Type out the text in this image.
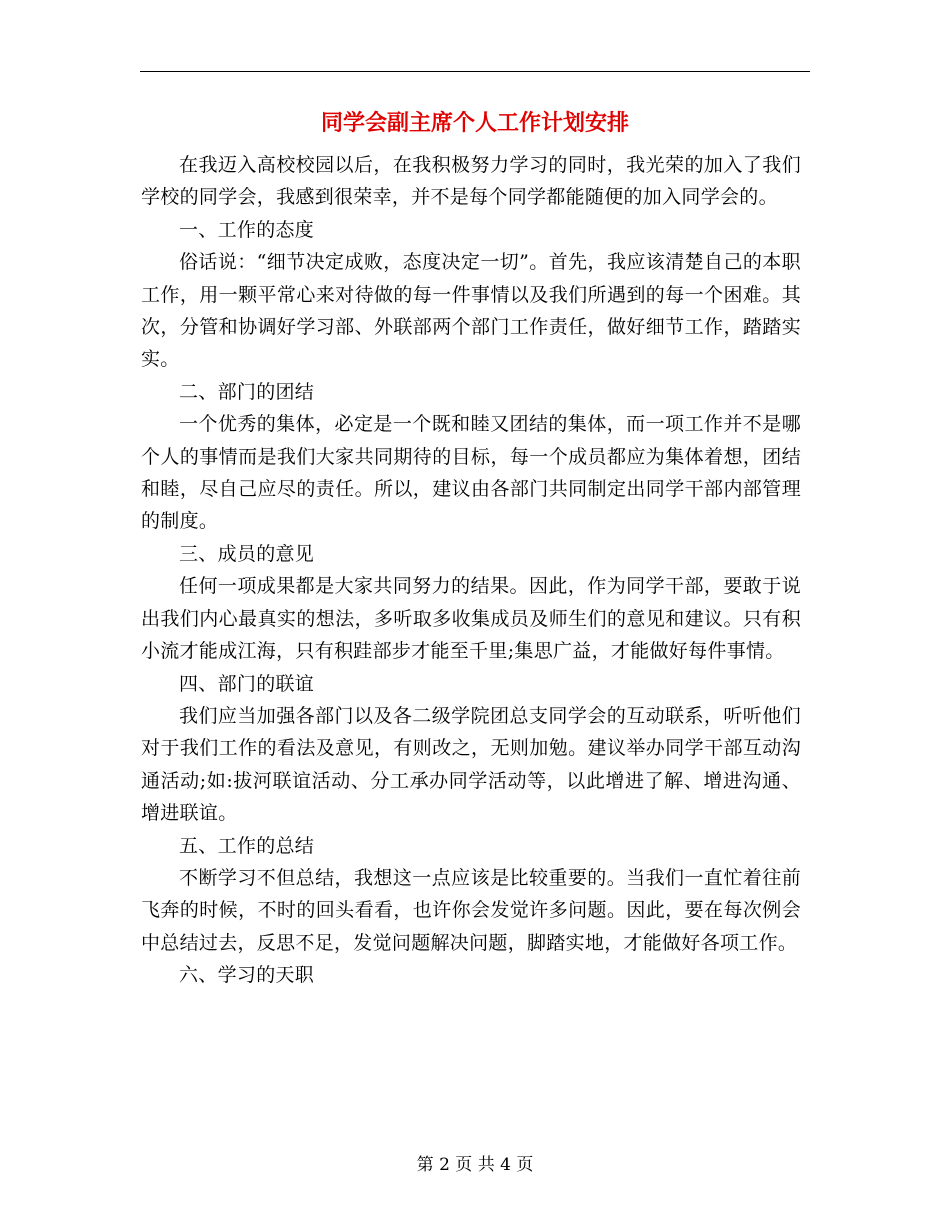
同学会副主席个人工作计划安排

在我迈入高校校园以后，在我积极努力学习的同时，我光荣的加入了我们学校的同学会，我感到很荣幸，并不是每个同学都能随便的加入同学会的。

一、工作的态度

俗话说：“细节决定成败，态度决定一切”。首先，我应该清楚自己的本职工作，用一颗平常心来对待做的每一件事情以及我们所遇到的每一个困难。其次，分管和协调好学习部、外联部两个部门工作责任，做好细节工作，踏踏实实。

二、部门的团结

一个优秀的集体，必定是一个既和睦又团结的集体，而一项工作并不是哪个人的事情而是我们大家共同期待的目标，每一个成员都应为集体着想，团结和睦，尽自己应尽的责任。所以，建议由各部门共同制定出同学干部内部管理的制度。

三、成员的意见

任何一项成果都是大家共同努力的结果。因此，作为同学干部，要敢于说出我们内心最真实的想法，多听取多收集成员及师生们的意见和建议。只有积小流才能成江海，只有积跬部步才能至千里;集思广益，才能做好每件事情。

四、部门的联谊

我们应当加强各部门以及各二级学院团总支同学会的互动联系，听听他们对于我们工作的看法及意见，有则改之，无则加勉。建议举办同学干部互动沟通活动;如:拔河联谊活动、分工承办同学活动等，以此增进了解、增进沟通、增进联谊。

五、工作的总结

不断学习不但总结，我想这一点应该是比较重要的。当我们一直忙着往前飞奔的时候，不时的回头看看，也许你会发觉许多问题。因此，要在每次例会中总结过去，反思不足，发觉问题解决问题，脚踏实地，才能做好各项工作。

六、学习的天职

第 2 页 共 4 页
